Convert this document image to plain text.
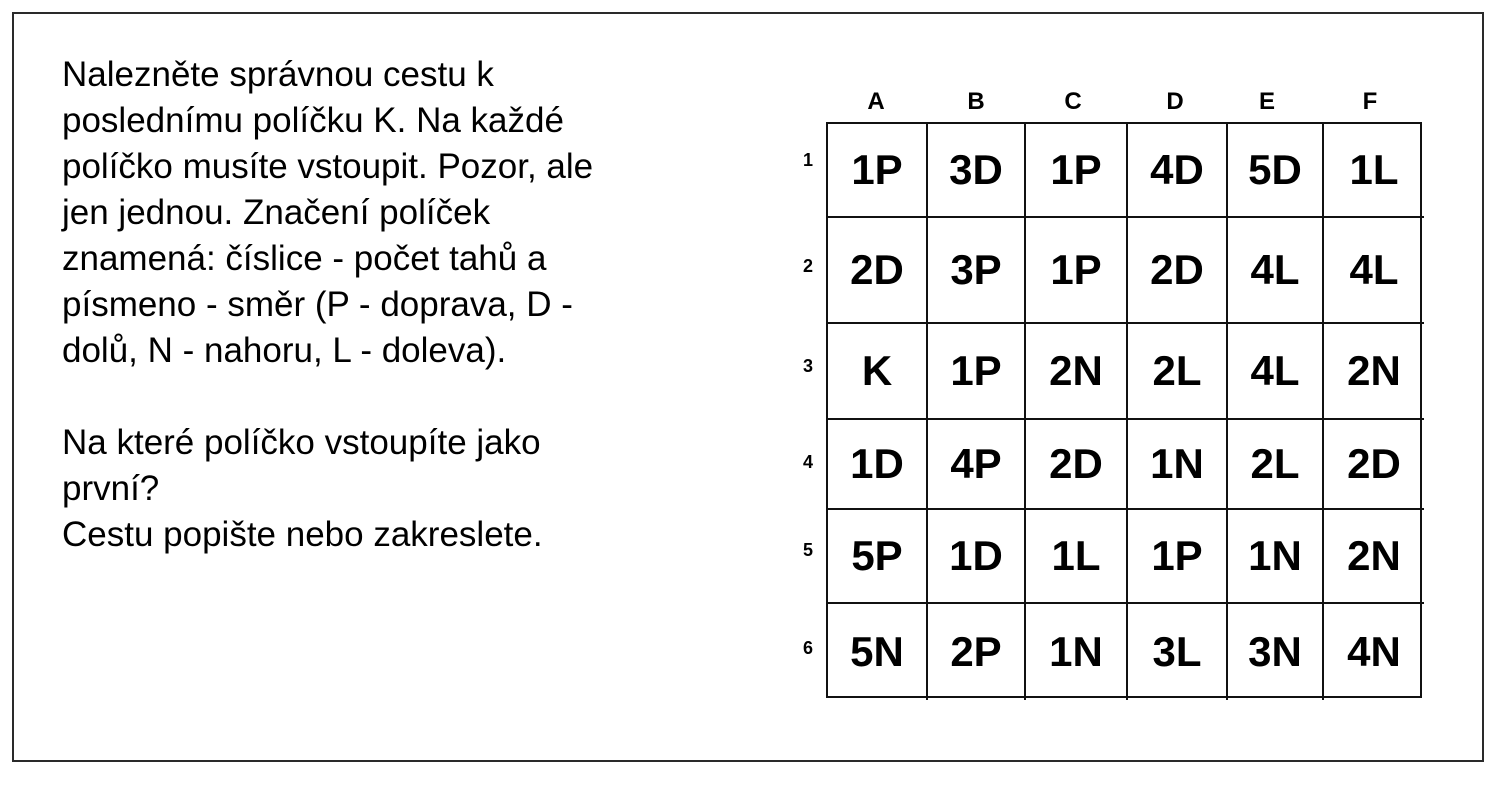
Nalezněte správnou cestu k
poslednímu políčku K. Na každé
políčko musíte vstoupit. Pozor, ale
jen jednou. Značení políček
znamená: číslice - počet tahů a
písmeno - směr (P - doprava, D -
dolů, N - nahoru, L - doleva).

Na které políčko vstoupíte jako
první?
Cestu popište nebo zakreslete.

A	B	C	D	E	F
1
2
3
4
5
6
1P	3D	1P	4D	5D	1L
2D	3P	1P	2D	4L	4L
K	1P	2N	2L	4L	2N
1D	4P	2D	1N	2L	2D
5P	1D	1L	1P	1N	2N
5N	2P	1N	3L	3N	4N
